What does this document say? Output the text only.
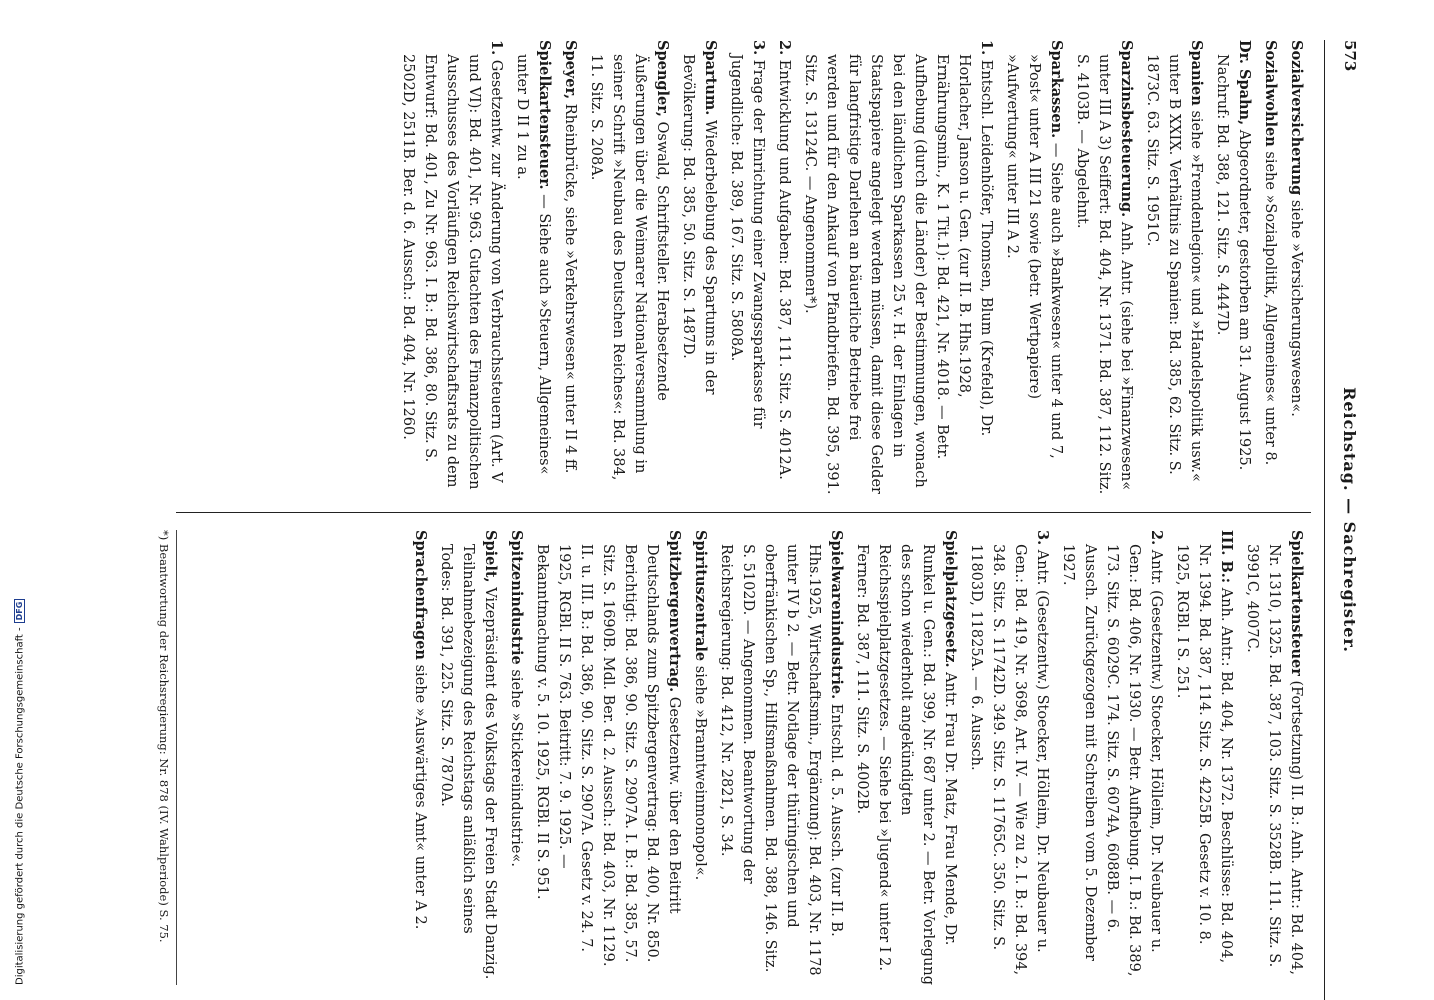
Reichstag. — Sachregister.
573

Sozialversicherung siehe »Versicherungswesen«.

Sozialwohlen siehe »Sozialpolitik, Allgemeines« unter 8.

Dr. Spahn, Abgeordneter, gestorben am 31. August 1925. Nachruf: Bd. 388, 121. Sitz. S. 4447D.

Spanien siehe »Fremdenlegion« und »Handelspolitik usw.« unter B XXIX. Verhältnis zu Spanien: Bd. 385, 62. Sitz. S. 1873C. 63. Sitz. S. 1951C.

Sparzinsbesteuerung. Anh. Antr. (siehe bei »Finanzwesen« unter III A 3) Seiffert: Bd. 404, Nr. 1371. Bd. 387, 112. Sitz. S. 4103B. — Abgelehnt.

Sparkassen. — Siehe auch »Bankwesen« unter 4 und 7, »Post« unter A III 21 sowie (betr. Wertpapiere) »Aufwertung« unter III A 2.

1. Entschl. Leidenhöfer, Thomsen, Blum (Krefeld), Dr. Horlacher, Janson u. Gen. (zur II. B. Hhs.1928, Ernährungsmin., K. 1 Tit.1): Bd. 421, Nr. 4018. — Betr. Aufhebung (durch die Länder) der Bestimmungen, wonach bei den ländlichen Sparkassen 25 v. H. der Einlagen in Staatspapiere angelegt werden müssen, damit diese Gelder für langfristige Darlehen an bäuerliche Betriebe frei werden und für den Ankauf von Pfandbriefen. Bd. 395, 391. Sitz. S. 13124C. — Angenommen*).

2. Entwicklung und Aufgaben: Bd. 387, 111. Sitz. S. 4012A.

3. Frage der Einrichtung einer Zwangssparkasse für Jugendliche: Bd. 389, 167. Sitz. S. 5808A.

Spartum. Wiederbelebung des Spartums in der Bevölkerung: Bd. 385, 50. Sitz. S. 1487D.

Spengler, Oswald, Schriftsteller. Herabsetzende Äußerungen über die Weimarer Nationalversammlung in seiner Schrift »Neubau des Deutschen Reiches«: Bd. 384, 11. Sitz. S. 208A.

Speyer, Rheinbrücke, siehe »Verkehrswesen« unter II 4 ff.

Spielkartensteuer. — Siehe auch »Steuern, Allgemeines« unter D II 1 zu a.

1. Gesetzentw. zur Änderung von Verbrauchssteuern (Art. V und VI): Bd. 401, Nr. 963. Gutachten des Finanzpolitischen Ausschusses des Vorläufigen Reichswirtschaftsrats zu dem Entwurf: Bd. 401, Zu Nr. 963. I. B.: Bd. 386, 80. Sitz. S. 2502D, 2511B. Ber. d. 6. Aussch.: Bd. 404, Nr. 1260.

Spielkartensteuer (Fortsetzung) II. B.: Anh. Antr.: Bd. 404, Nr. 1310, 1325. Bd. 387, 103. Sitz. S. 3528B. 111. Sitz. S. 3991C, 4007C.

III. B.: Anh. Antr.: Bd. 404, Nr. 1372. Beschlüsse: Bd. 404, Nr. 1394. Bd. 387, 114. Sitz. S. 4225B. Gesetz v. 10. 8. 1925, RGBl. I S. 251.

2. Antr. (Gesetzentw.) Stoecker, Hölleim, Dr. Neubauer u. Gen.: Bd. 406, Nr. 1930. — Betr. Aufhebung. I. B.: Bd. 389, 173. Sitz. S. 6029C. 174. Sitz. S. 6074A, 6088B. — 6. Aussch. Zurückgezogen mit Schreiben vom 5. Dezember 1927.

3. Antr. (Gesetzentw.) Stoecker, Hölleim, Dr. Neubauer u. Gen.: Bd. 419, Nr. 3698, Art. IV. — Wie zu 2. I. B.: Bd. 394, 348. Sitz. S. 11742D. 349. Sitz. S. 11765C. 350. Sitz. S. 11803D, 11825A. — 6. Aussch.

Spielplatzgesetz. Antr. Frau Dr. Matz, Frau Mende, Dr. Runkel u. Gen.: Bd. 399, Nr. 687 unter 2. — Betr. Vorlegung des schon wiederholt angekündigten Reichsspielplatzgesetzes. — Siehe bei »Jugend« unter I 2. Ferner: Bd. 387, 111. Sitz. S. 4002B.

Spielwarenindustrie. Entschl. d. 5. Aussch. (zur II. B. Hhs.1925, Wirtschaftsmin., Ergänzung): Bd. 403, Nr. 1178 unter IV b 2. — Betr. Notlage der thüringischen und oberfränkischen Sp., Hilfsmaßnahmen. Bd. 388, 146. Sitz. S. 5102D. — Angenommen. Beantwortung der Reichsregierung: Bd. 412, Nr. 2821, S. 34.

Spirituszentrale siehe »Branntweinmonopol«.

Spitzbergenvertrag. Gesetzentw. über den Beitritt Deutschlands zum Spitzbergenvertrag: Bd. 400, Nr. 850. Berichtigt: Bd. 386, 90. Sitz. S. 2907A. I. B.: Bd. 385, 57. Sitz. S. 1690B. Mdl. Ber. d. 2. Aussch.: Bd. 403, Nr. 1129. II. u. III. B.: Bd. 386, 90. Sitz. S. 2907A. Gesetz v. 24. 7. 1925, RGBl. II S. 763. Beitritt: 7. 9. 1925. — Bekanntmachung v. 5. 10. 1925, RGBl. II S. 951.

Spitzenindustrie siehe »Stickereiindustrie«.

Spielt, Vizepräsident des Volkstags der Freien Stadt Danzig. Teilnahmebezeigung des Reichstags anläßlich seines Todes: Bd. 391, 225. Sitz. S. 7870A.

Sprachenfragen siehe »Auswärtiges Amt« unter A 2.

*) Beantwortung der Reichsregierung: Nr. 878 (IV. Wahlperiode) S. 75.
Digitalisierung gefördert durch die Deutsche Forschungsgemeinschaft -DFG
